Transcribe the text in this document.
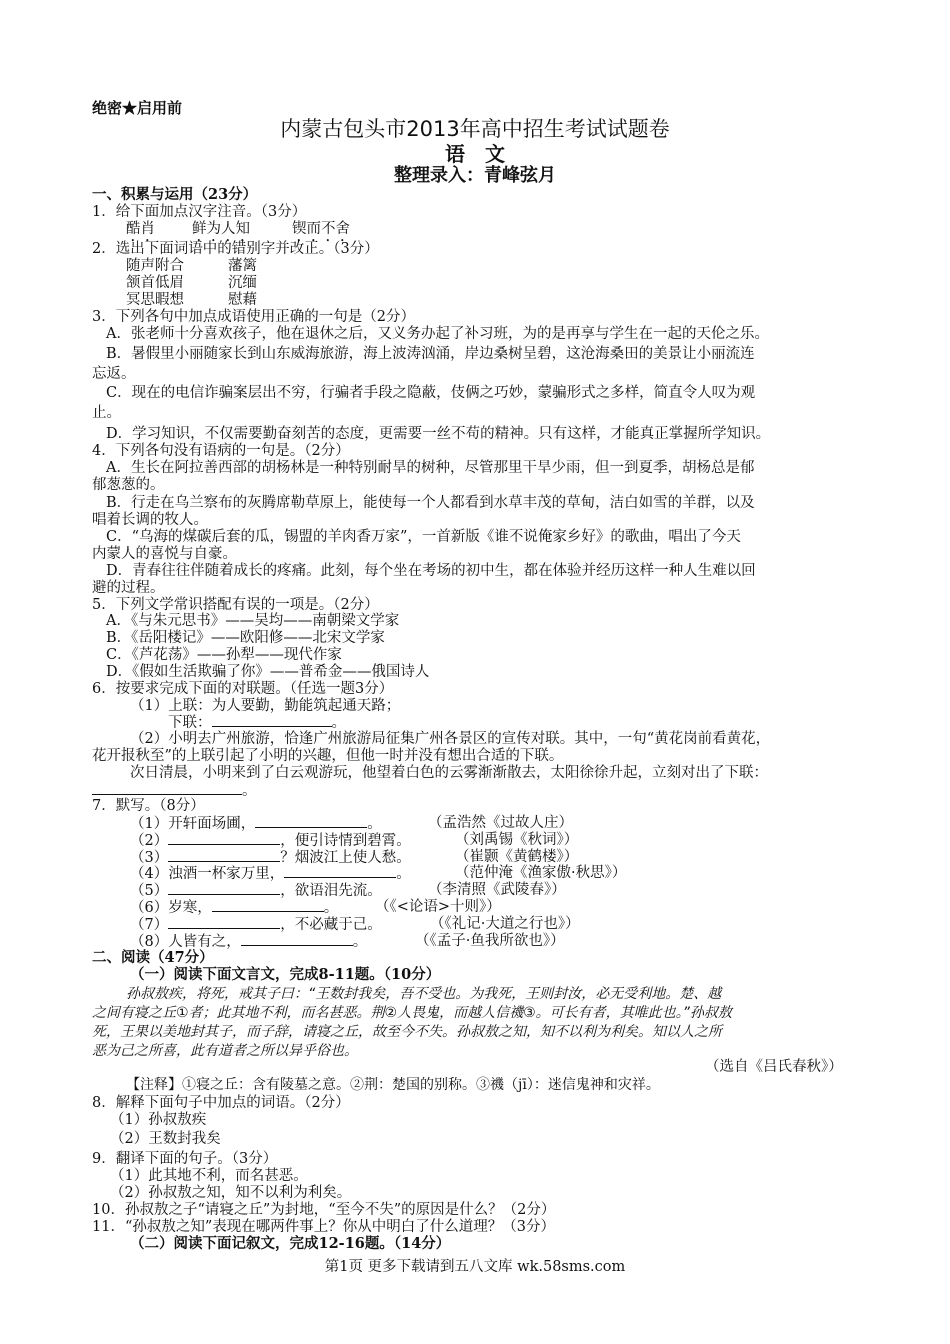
绝密★启用前
内蒙古包头市2013年高中招生考试试题卷
语　文
整理录入：青峰弦月
一、积累与运用（23分）
1．给下面加点汉字注音。（3分）
酷肖	鲜为人知	锲而不舍
2．选出下面词语中的错别字并改正。（3分）
随声附合	藩篱
颔首低眉	沉缅
冥思暇想	慰藉
3．下列各句中加点成语使用正确的一句是（2分）
A．张老师十分喜欢孩子，他在退休之后，又义务办起了补习班，为的是再享与学生在一起的天伦之乐。
B．暑假里小丽随家长到山东威海旅游，海上波涛汹涌，岸边桑树呈碧，这沧海桑田的美景让小丽流连
忘返。
C．现在的电信诈骗案层出不穷，行骗者手段之隐蔽，伎俩之巧妙，蒙骗形式之多样，简直令人叹为观
止。
D．学习知识，不仅需要勤奋刻苦的态度，更需要一丝不苟的精神。只有这样，才能真正掌握所学知识。
4．下列各句没有语病的一句是。（2分）
A．生长在阿拉善西部的胡杨林是一种特别耐旱的树种，尽管那里干旱少雨，但一到夏季，胡杨总是郁
郁葱葱的。
B．行走在乌兰察布的灰腾席勒草原上，能使每一个人都看到水草丰茂的草甸，洁白如雪的羊群，以及
唱着长调的牧人。
C．“乌海的煤碳后套的瓜，锡盟的羊肉香万家”，一首新版《谁不说俺家乡好》的歌曲，唱出了今天
内蒙人的喜悦与自豪。
D．青春往往伴随着成长的疼痛。此刻，每个坐在考场的初中生，都在体验并经历这样一种人生难以回
避的过程。
5．下列文学常识搭配有误的一项是。（2分）
A．《与朱元思书》——吴均——南朝梁文学家
B．《岳阳楼记》——欧阳修——北宋文学家
C．《芦花荡》——孙犁——现代作家
D．《假如生活欺骗了你》——普希金——俄国诗人
6．按要求完成下面的对联题。（任选一题3分）
（1）上联：为人要勤，勤能筑起通天路；
下联：	。
（2）小明去广州旅游，恰逢广州旅游局征集广州各景区的宣传对联。其中，一句“黄花岗前看黄花，
花开报秋至”的上联引起了小明的兴趣，但他一时并没有想出合适的下联。
次日清晨，小明来到了白云观游玩，他望着白色的云雾渐渐散去，太阳徐徐升起，立刻对出了下联：
。
7．默写。（8分）
（1）开轩面场圃，	。	（孟浩然《过故人庄）
（2）	，便引诗情到碧霄。	（刘禹锡《秋词》）
（3）	？烟波江上使人愁。	（崔颢《黄鹤楼》）
（4）浊酒一杯家万里，	。	（范仲淹《渔家傲·秋思》）
（5）	，欲语泪先流。	（李清照《武陵春》）
（6）岁寒，	。	（《<论语>十则》）
（7）	，不必藏于己。	（《礼记·大道之行也》）
（8）人皆有之，	。	（《孟子·鱼我所欲也》）
二、阅读（47分）
（一）阅读下面文言文，完成8-11题。（10分）
孙叔敖疾，将死，戒其子曰：“王数封我矣，吾不受也。为我死，王则封汝，必无受利地。楚、越
之间有寝之丘①者；此其地不利，而名甚恶。荆②人畏鬼，而越人信禨③。可长有者，其唯此也。”孙叔敖
死，王果以美地封其子，而子辞，请寝之丘，故至今不失。孙叔敖之知，知不以利为利矣。知以人之所
恶为己之所喜，此有道者之所以异乎俗也。
（选自《吕氏春秋》）
【注释】①寝之丘：含有陵墓之意。②荆：楚国的别称。③禨（jī）：迷信鬼神和灾祥。
8．解释下面句子中加点的词语。（2分）
（1）孙叔敖疾
（2）王数封我矣
9．翻译下面的句子。（3分）
（1）此其地不利，而名甚恶。
（2）孙叔敖之知，知不以利为利矣。
10．孙叔敖之子“请寝之丘”为封地，“至今不失”的原因是什么？（2分）
11．“孙叔敖之知”表现在哪两件事上？你从中明白了什么道理？（3分）
（二）阅读下面记叙文，完成12-16题。（14分）
第1页 更多下载请到五八文库 wk.58sms.com
